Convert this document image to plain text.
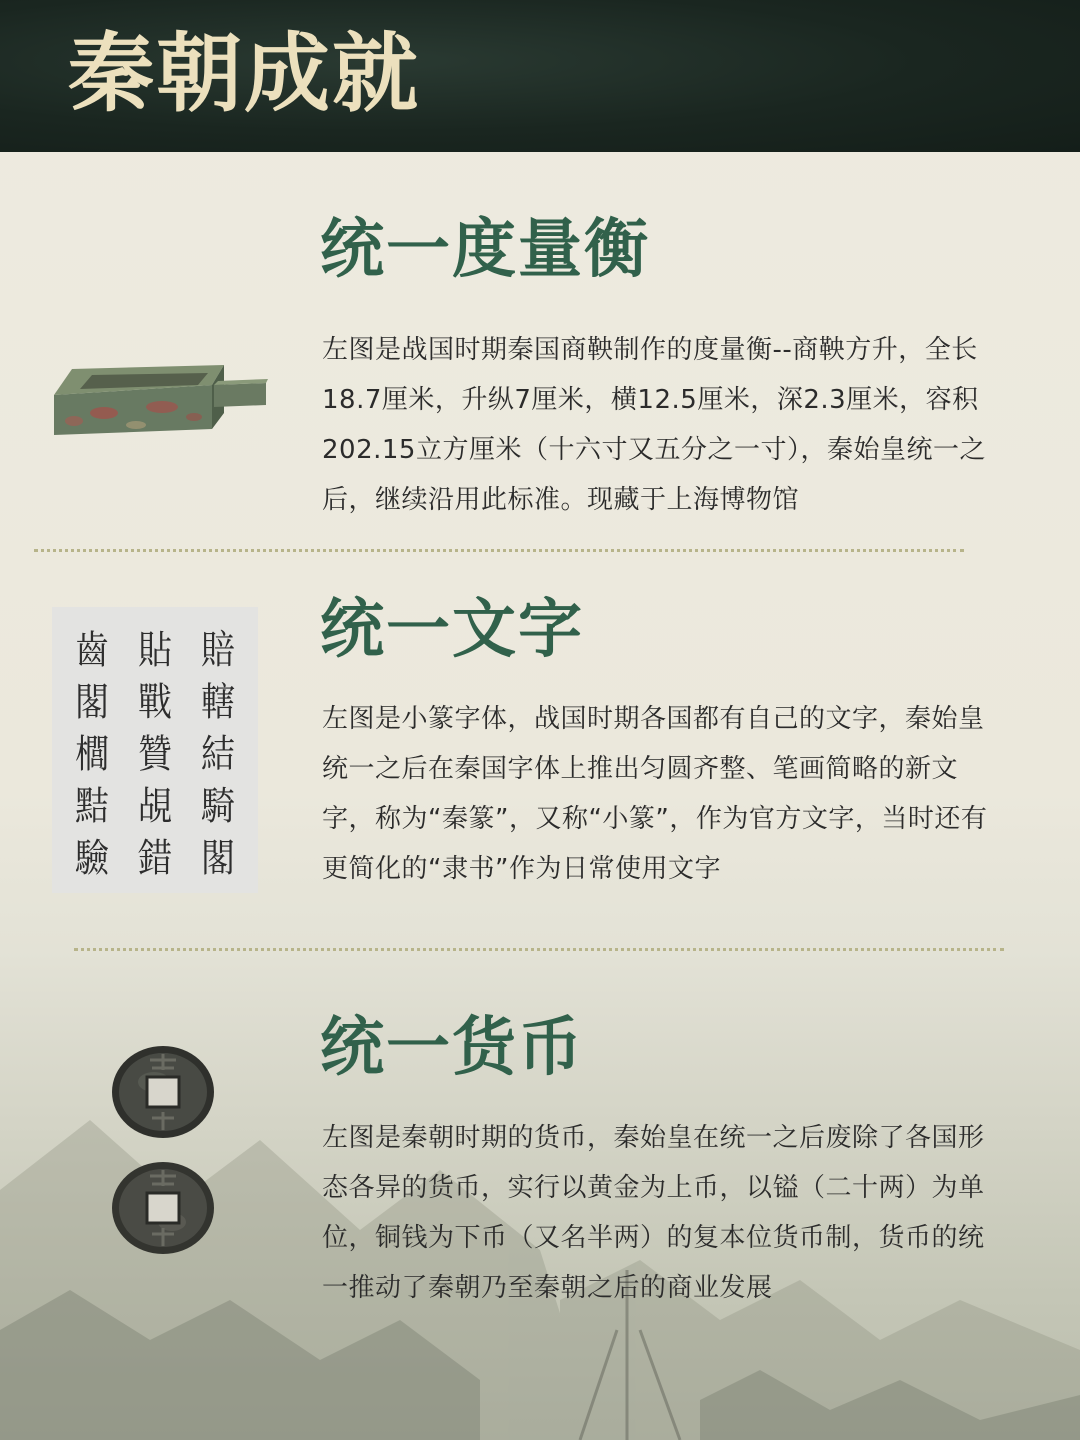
秦朝成就
统一度量衡

左图是战国时期秦国商鞅制作的度量衡--商鞅方升，全长18.7厘米，升纵7厘米，横12.5厘米，深2.3厘米，容积202.15立方厘米（十六寸又五分之一寸），秦始皇统一之后，继续沿用此标准。现藏于上海博物馆

齒
閣
櫚
黠
驗
貼
戰
贊
覘
錯
賠
轄
結
騎
閣
统一文字

左图是小篆字体，战国时期各国都有自己的文字，秦始皇统一之后在秦国字体上推出匀圆齐整、笔画简略的新文字，称为“秦篆”，又称“小篆”，作为官方文字，当时还有更简化的“隶书”作为日常使用文字

统一货币

左图是秦朝时期的货币，秦始皇在统一之后废除了各国形态各异的货币，实行以黄金为上币，以镒（二十两）为单位，铜钱为下币（又名半两）的复本位货币制，货币的统一推动了秦朝乃至秦朝之后的商业发展
